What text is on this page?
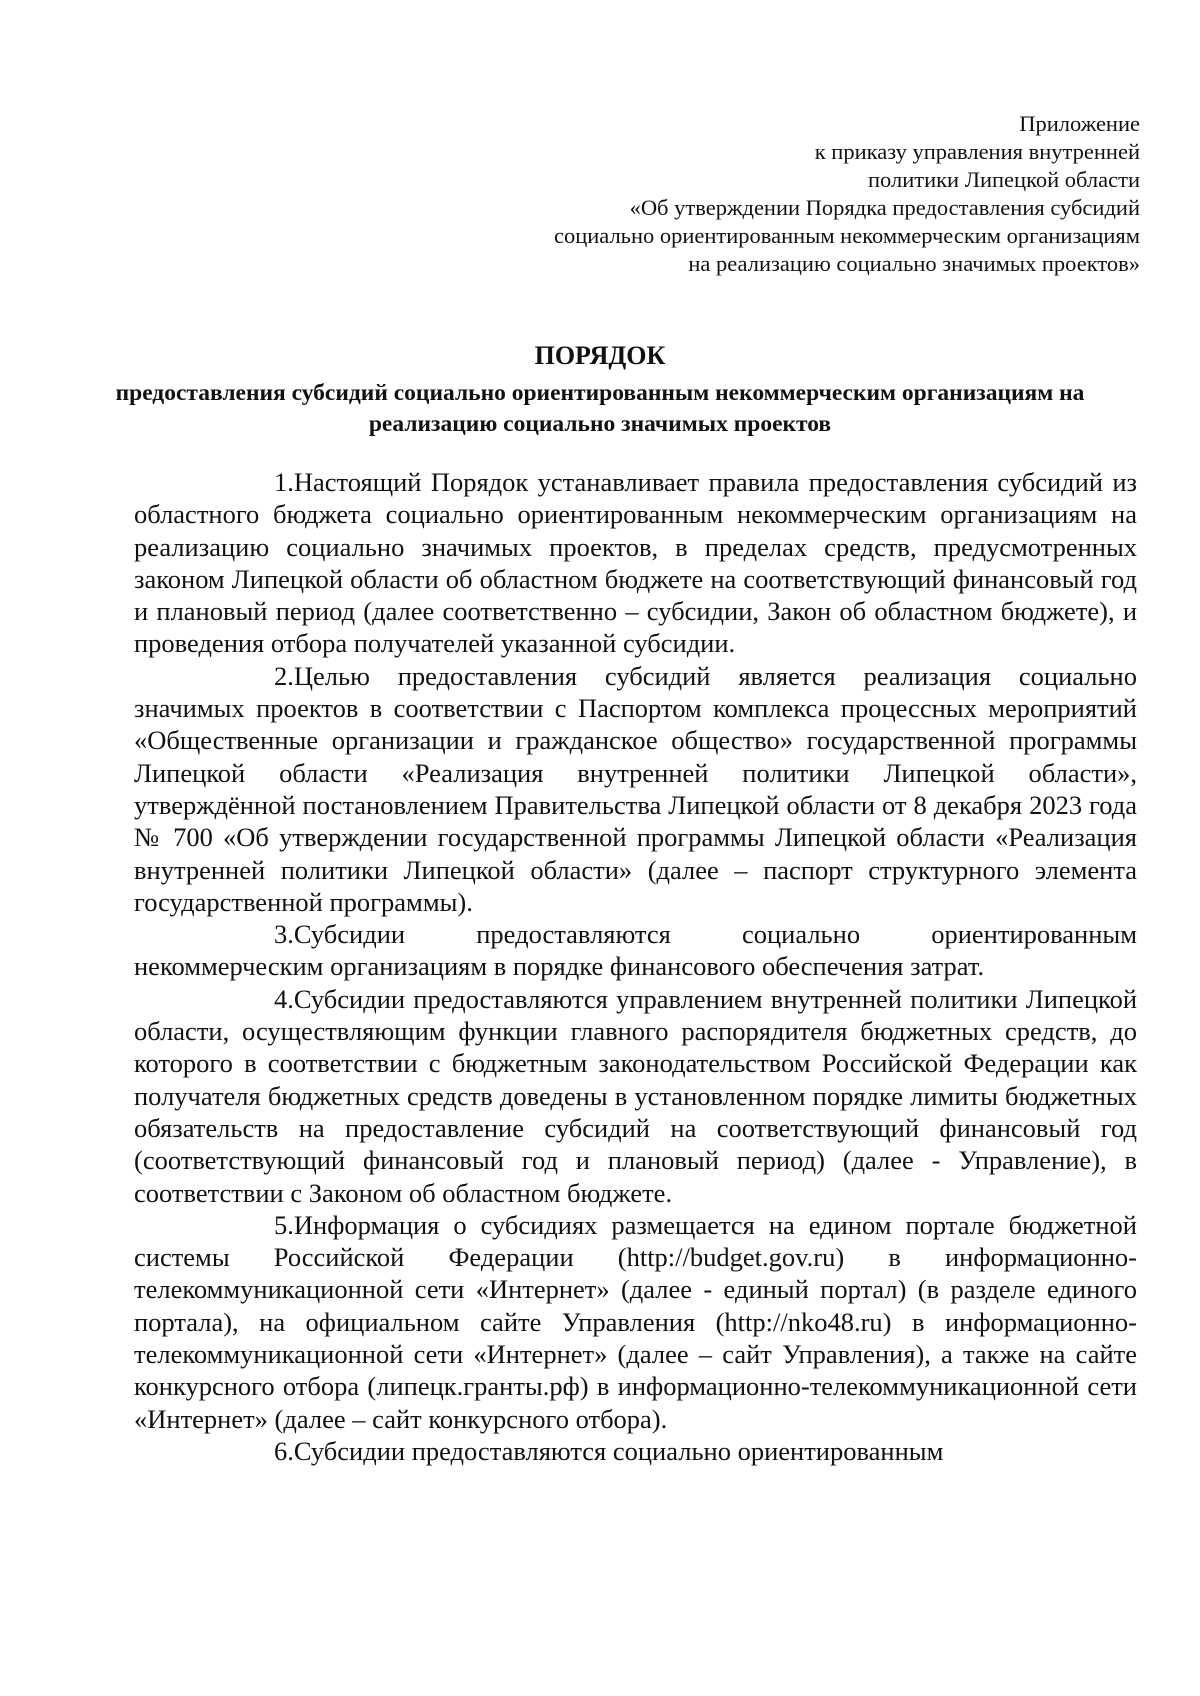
Приложение
к приказу управления внутренней
политики Липецкой области
«Об утверждении Порядка предоставления субсидий
социально ориентированным некоммерческим организациям
на реализацию социально значимых проектов»

ПОРЯДОК

предоставления субсидий социально ориентированным некоммерческим организациям на реализацию социально значимых проектов

1.Настоящий Порядок устанавливает правила предоставления субсидий из областного бюджета социально ориентированным некоммерческим организациям на реализацию социально значимых проектов, в пределах средств, предусмотренных законом Липецкой области об областном бюджете на соответствующий финансовый год и плановый период (далее соответственно – субсидии, Закон об областном бюджете), и проведения отбора получателей указанной субсидии.

2.Целью предоставления субсидий является реализация социально значимых проектов в соответствии с Паспортом комплекса процессных мероприятий «Общественные организации и гражданское общество» государственной программы Липецкой области «Реализация внутренней политики Липецкой области», утверждённой постановлением Правительства Липецкой области от 8 декабря 2023 года № 700 «Об утверждении государственной программы Липецкой области «Реализация внутренней политики Липецкой области» (далее – паспорт структурного элемента государственной программы).

3.Субсидии предоставляются социально ориентированным некоммерческим организациям в порядке финансового обеспечения затрат.

4.Субсидии предоставляются управлением внутренней политики Липецкой области, осуществляющим функции главного распорядителя бюджетных средств, до которого в соответствии с бюджетным законодательством Российской Федерации как получателя бюджетных средств доведены в установленном порядке лимиты бюджетных обязательств на предоставление субсидий на соответствующий финансовый год (соответствующий финансовый год и плановый период) (далее - Управление), в соответствии с Законом об областном бюджете.

5.Информация о субсидиях размещается на едином портале бюджетной системы Российской Федерации (http://budget.gov.ru) в информационно-телекоммуникационной сети «Интернет» (далее - единый портал) (в разделе единого портала), на официальном сайте Управления (http://nko48.ru) в информационно-телекоммуникационной сети «Интернет» (далее – сайт Управления), а также на сайте конкурсного отбора (липецк.гранты.рф) в информационно-телекоммуникационной сети «Интернет» (далее – сайт конкурсного отбора).

6.Субсидии предоставляются социально ориентированным
